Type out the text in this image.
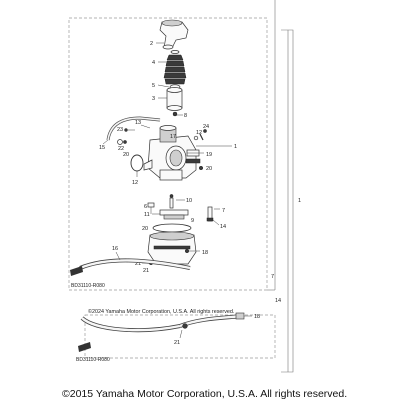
1
7
14
2
4
5
3
8
13
23
22
15
20
24
12
1
19
17
20
12
10
6
11
7
14
9
20
18
21
21
16
BD31110-R080
18
21
©2024 Yamaha Motor Corporation, U.S.A. All rights reserved.
BD31110-R080
©2015 Yamaha Motor Corporation, U.S.A. All rights reserved.
